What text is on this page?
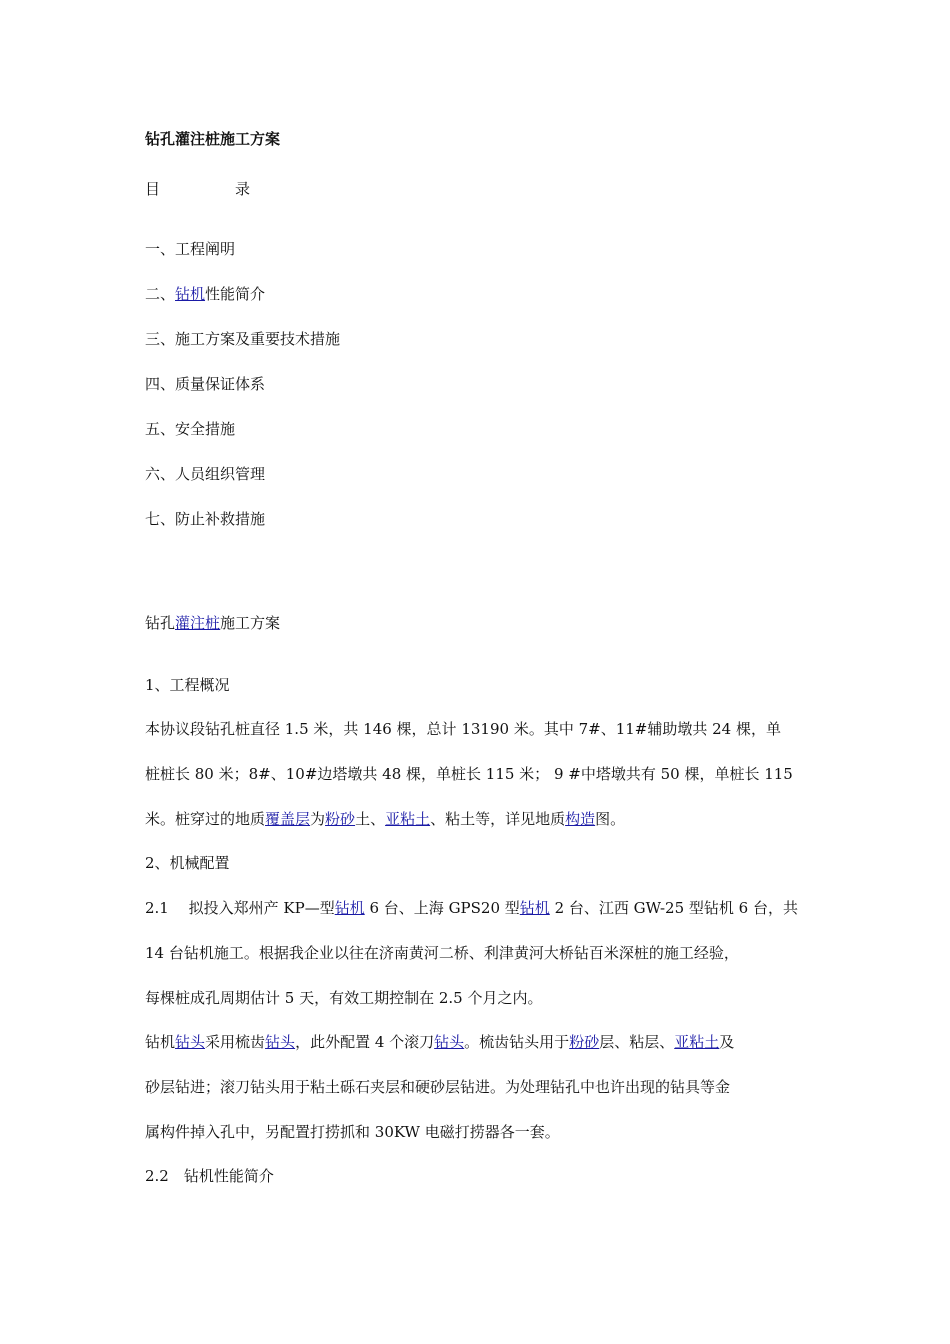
钻孔灌注桩施工方案
目　　　　　录
一、工程阐明
二、钻机性能简介
三、施工方案及重要技术措施
四、质量保证体系
五、安全措施
六、人员组织管理
七、防止补救措施
钻孔灌注桩施工方案
1、工程概况
本协议段钻孔桩直径 1.5 米，共 146 棵，总计 13190 米。其中 7#、11#辅助墩共 24 棵，单
桩桩长 80 米；8#、10#边塔墩共 48 棵，单桩长 115 米； 9 #中塔墩共有 50 棵，单桩长 115
米。桩穿过的地质覆盖层为粉砂土、亚粘土、粘土等，详见地质构造图。
2、机械配置
2.1　 拟投入郑州产 KP—型钻机 6 台、上海 GPS20 型钻机 2 台、江西 GW-25 型钻机 6 台，共
14 台钻机施工。根据我企业以往在济南黄河二桥、利津黄河大桥钻百米深桩的施工经验，
每棵桩成孔周期估计 5 天，有效工期控制在 2.5 个月之内。
钻机钻头采用梳齿钻头，此外配置 4 个滚刀钻头。梳齿钻头用于粉砂层、粘层、亚粘土及
砂层钻进；滚刀钻头用于粘土砾石夹层和硬砂层钻进。为处理钻孔中也许出现的钻具等金
属构件掉入孔中，另配置打捞抓和 30KW 电磁打捞器各一套。
2.2　钻机性能简介
